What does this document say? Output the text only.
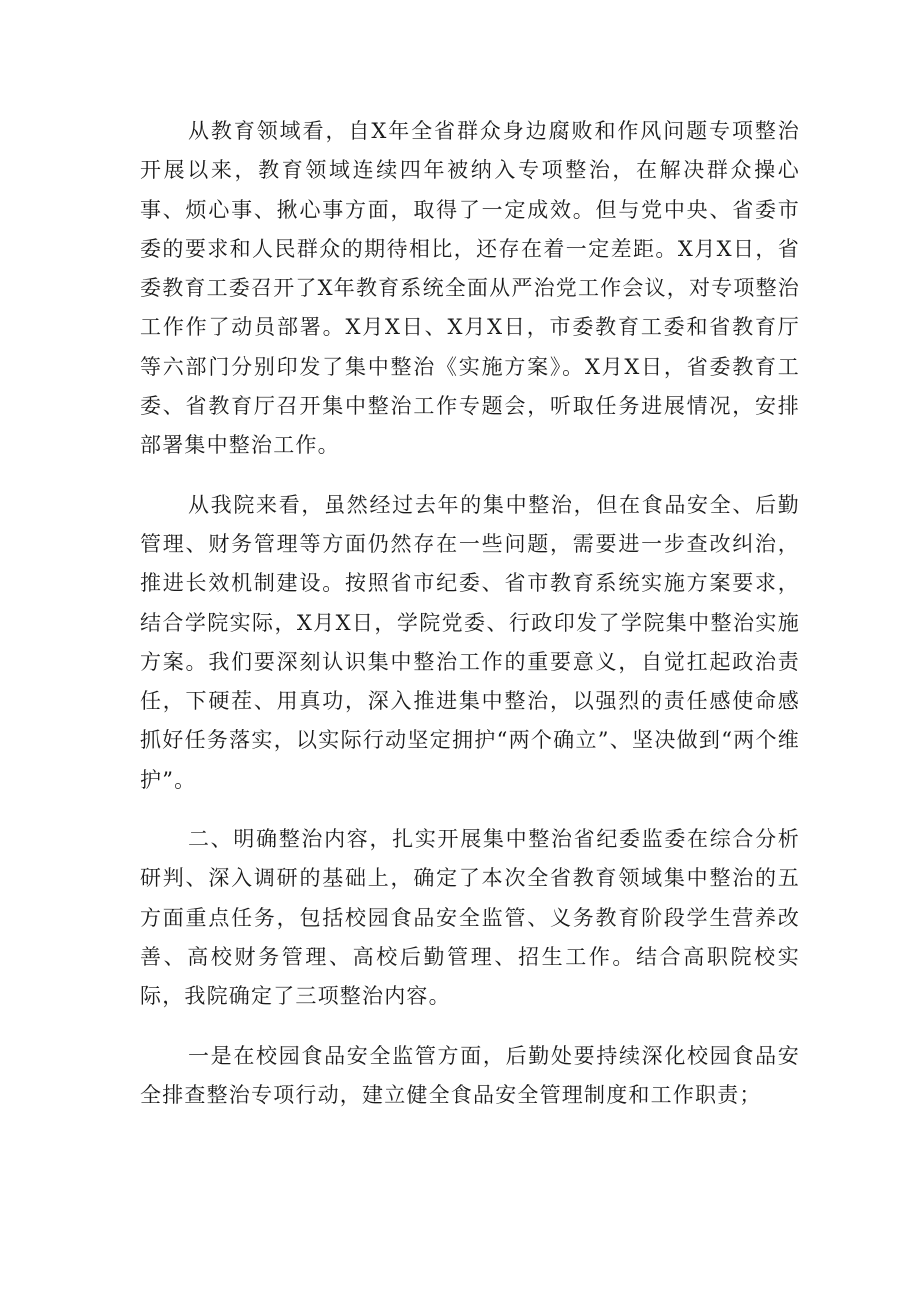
从教育领域看，自X年全省群众身边腐败和作风问题专项整治开展以来，教育领域连续四年被纳入专项整治，在解决群众操心事、烦心事、揪心事方面，取得了一定成效。但与党中央、省委市委的要求和人民群众的期待相比，还存在着一定差距。X月X日，省委教育工委召开了X年教育系统全面从严治党工作会议，对专项整治工作作了动员部署。X月X日、X月X日，市委教育工委和省教育厅等六部门分别印发了集中整治《实施方案》。X月X日，省委教育工委、省教育厅召开集中整治工作专题会，听取任务进展情况，安排部署集中整治工作。

从我院来看，虽然经过去年的集中整治，但在食品安全、后勤管理、财务管理等方面仍然存在一些问题，需要进一步查改纠治，推进长效机制建设。按照省市纪委、省市教育系统实施方案要求，结合学院实际，X月X日，学院党委、行政印发了学院集中整治实施方案。我们要深刻认识集中整治工作的重要意义，自觉扛起政治责任，下硬茬、用真功，深入推进集中整治，以强烈的责任感使命感抓好任务落实，以实际行动坚定拥护“两个确立”、坚决做到“两个维护”。

二、明确整治内容，扎实开展集中整治省纪委监委在综合分析研判、深入调研的基础上，确定了本次全省教育领域集中整治的五方面重点任务，包括校园食品安全监管、义务教育阶段学生营养改善、高校财务管理、高校后勤管理、招生工作。结合高职院校实际，我院确定了三项整治内容。

一是在校园食品安全监管方面，后勤处要持续深化校园食品安全排查整治专项行动，建立健全食品安全管理制度和工作职责；
